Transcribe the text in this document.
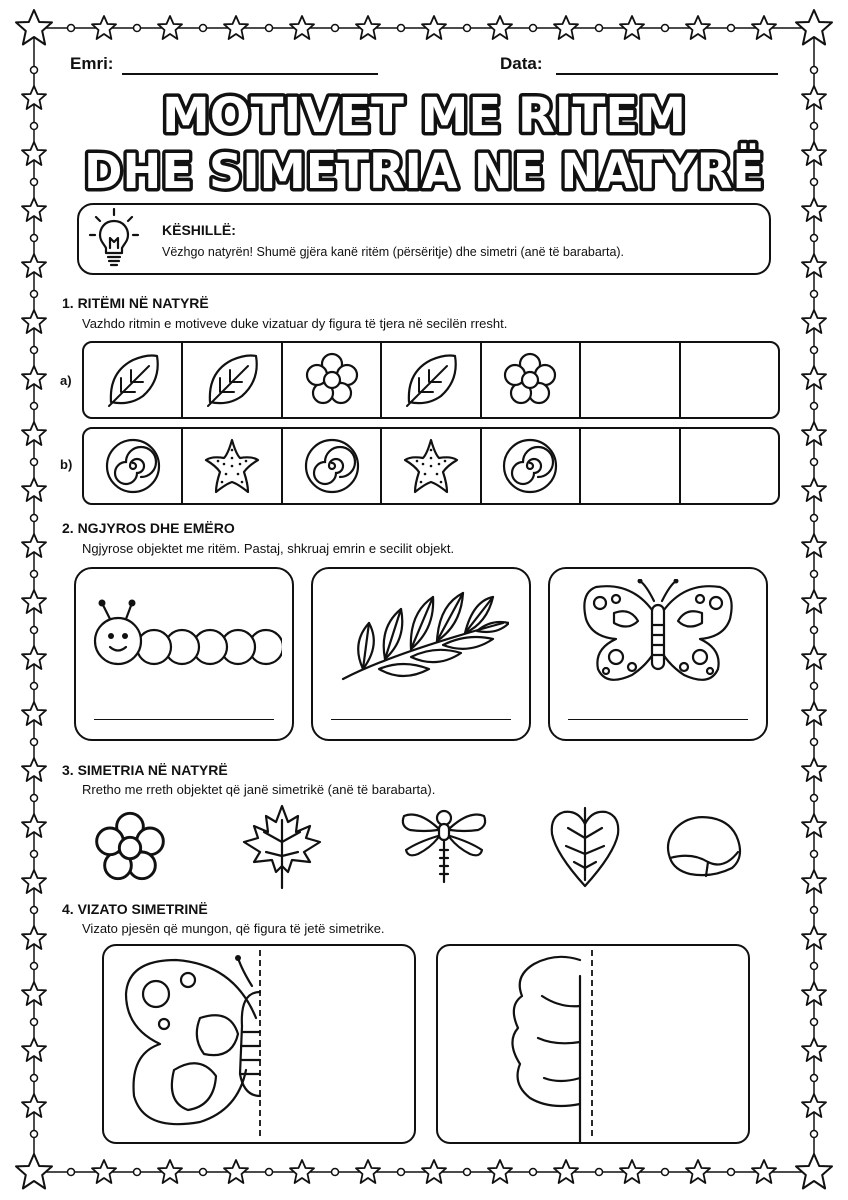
Emri:	Data:
MOTIVET ME RITEM
DHE SIMETRIA NE NATYRË
KËSHILLË:
Vëzhgo natyrën! Shumë gjëra kanë ritëm (përsëritje) dhe simetri (anë të barabarta).
1. RITËMI NË NATYRË
Vazhdo ritmin e motiveve duke vizatuar dy figura të tjera në secilën rresht.
a)
b)
2. NGJYROS DHE EMËRO
Ngjyrose objektet me ritëm. Pastaj, shkruaj emrin e secilit objekt.
3. SIMETRIA NË NATYRË
Rretho me rreth objektet që janë simetrikë (anë të barabarta).
4. VIZATO SIMETRINË
Vizato pjesën që mungon, që figura të jetë simetrike.
